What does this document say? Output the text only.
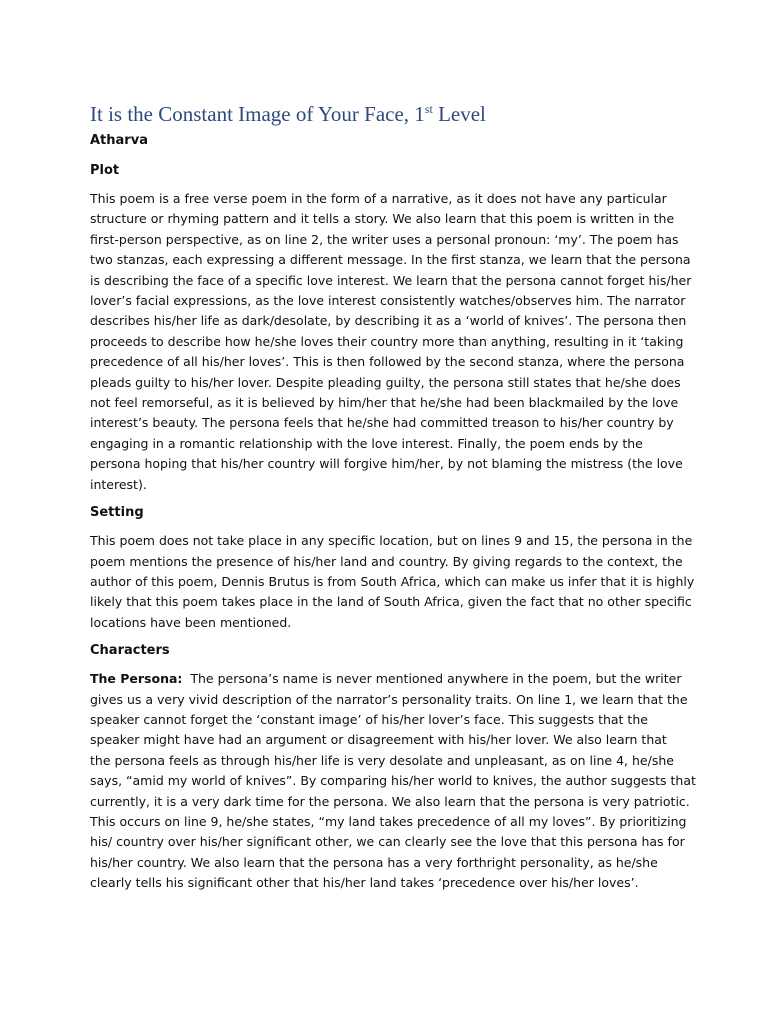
It is the Constant Image of Your Face, 1st Level

Atharva

Plot

This poem is a free verse poem in the form of a narrative, as it does not have any particular
structure or rhyming pattern and it tells a story. We also learn that this poem is written in the
first-person perspective, as on line 2, the writer uses a personal pronoun: ‘my’. The poem has
two stanzas, each expressing a different message. In the first stanza, we learn that the persona
is describing the face of a specific love interest. We learn that the persona cannot forget his/her
lover’s facial expressions, as the love interest consistently watches/observes him. The narrator
describes his/her life as dark/desolate, by describing it as a ‘world of knives’. The persona then
proceeds to describe how he/she loves their country more than anything, resulting in it ‘taking
precedence of all his/her loves’. This is then followed by the second stanza, where the persona
pleads guilty to his/her lover. Despite pleading guilty, the persona still states that he/she does
not feel remorseful, as it is believed by him/her that he/she had been blackmailed by the love
interest’s beauty. The persona feels that he/she had committed treason to his/her country by
engaging in a romantic relationship with the love interest. Finally, the poem ends by the
persona hoping that his/her country will forgive him/her, by not blaming the mistress (the love
interest).

Setting

This poem does not take place in any specific location, but on lines 9 and 15, the persona in the
poem mentions the presence of his/her land and country. By giving regards to the context, the
author of this poem, Dennis Brutus is from South Africa, which can make us infer that it is highly
likely that this poem takes place in the land of South Africa, given the fact that no other specific
locations have been mentioned.

Characters

The Persona:  The persona’s name is never mentioned anywhere in the poem, but the writer
gives us a very vivid description of the narrator’s personality traits. On line 1, we learn that the
speaker cannot forget the ‘constant image’ of his/her lover’s face. This suggests that the
speaker might have had an argument or disagreement with his/her lover. We also learn that
the persona feels as through his/her life is very desolate and unpleasant, as on line 4, he/she
says, “amid my world of knives”. By comparing his/her world to knives, the author suggests that
currently, it is a very dark time for the persona. We also learn that the persona is very patriotic.
This occurs on line 9, he/she states, “my land takes precedence of all my loves”. By prioritizing
his/ country over his/her significant other, we can clearly see the love that this persona has for
his/her country. We also learn that the persona has a very forthright personality, as he/she
clearly tells his significant other that his/her land takes ‘precedence over his/her loves’.
